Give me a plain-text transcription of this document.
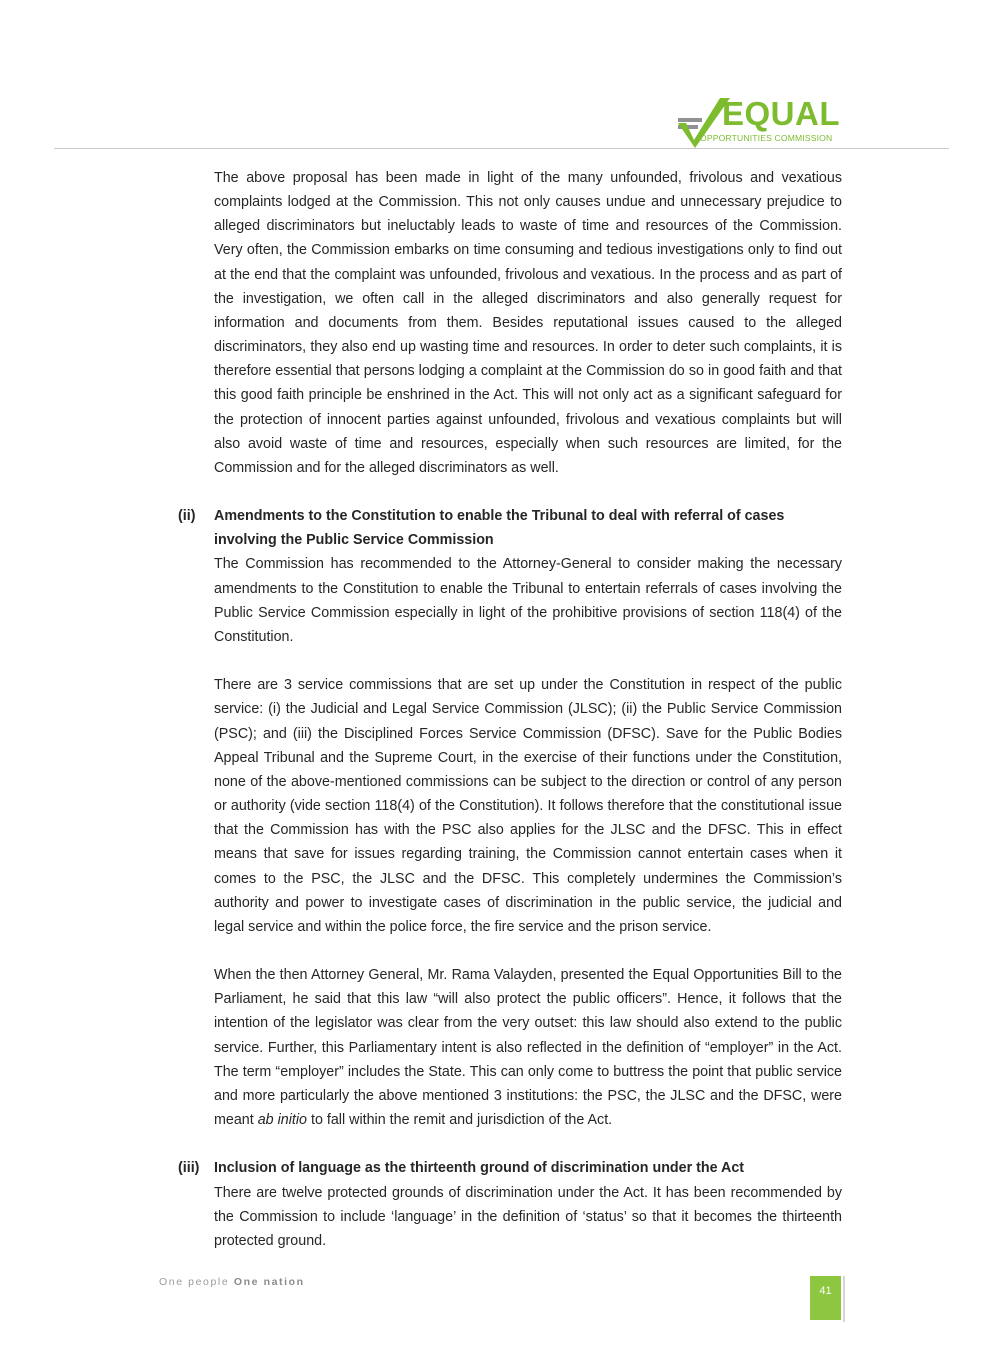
EQUAL
OPPORTUNITIES COMMISSION

The above proposal has been made in light of the many unfounded, frivolous and vexatious complaints lodged at the Commission. This not only causes undue and unnecessary prejudice to alleged discriminators but ineluctably leads to waste of time and resources of the Commission. Very often, the Commission embarks on time consuming and tedious investigations only to find out at the end that the complaint was unfounded, frivolous and vexatious. In the process and as part of the investigation, we often call in the alleged discriminators and also generally request for information and documents from them. Besides reputational issues caused to the alleged discriminators, they also end up wasting time and resources. In order to deter such complaints, it is therefore essential that persons lodging a complaint at the Commission do so in good faith and that this good faith principle be enshrined in the Act. This will not only act as a significant safeguard for the protection of innocent parties against unfounded, frivolous and vexatious complaints but will also avoid waste of time and resources, especially when such resources are limited, for the Commission and for the alleged discriminators as well.

(ii) Amendments to the Constitution to enable the Tribunal to deal with referral of cases involving the Public Service Commission

The Commission has recommended to the Attorney-General to consider making the necessary amendments to the Constitution to enable the Tribunal to entertain referrals of cases involving the Public Service Commission especially in light of the prohibitive provisions of section 118(4) of the Constitution.

There are 3 service commissions that are set up under the Constitution in respect of the public service: (i) the Judicial and Legal Service Commission (JLSC); (ii) the Public Service Commission (PSC); and (iii) the Disciplined Forces Service Commission (DFSC). Save for the Public Bodies Appeal Tribunal and the Supreme Court, in the exercise of their functions under the Constitution, none of the above-mentioned commissions can be subject to the direction or control of any person or authority (vide section 118(4) of the Constitution). It follows therefore that the constitutional issue that the Commission has with the PSC also applies for the JLSC and the DFSC. This in effect means that save for issues regarding training, the Commission cannot entertain cases when it comes to the PSC, the JLSC and the DFSC. This completely undermines the Commission’s authority and power to investigate cases of discrimination in the public service, the judicial and legal service and within the police force, the fire service and the prison service.

When the then Attorney General, Mr. Rama Valayden, presented the Equal Opportunities Bill to the Parliament, he said that this law “will also protect the public officers”. Hence, it follows that the intention of the legislator was clear from the very outset: this law should also extend to the public service. Further, this Parliamentary intent is also reflected in the definition of “employer” in the Act. The term “employer” includes the State. This can only come to buttress the point that public service and more particularly the above mentioned 3 institutions: the PSC, the JLSC and the DFSC, were meant ab initio to fall within the remit and jurisdiction of the Act.

(iii) Inclusion of language as the thirteenth ground of discrimination under the Act

There are twelve protected grounds of discrimination under the Act. It has been recommended by the Commission to include ‘language’ in the definition of ‘status’ so that it becomes the thirteenth protected ground.

One people One nation
41
